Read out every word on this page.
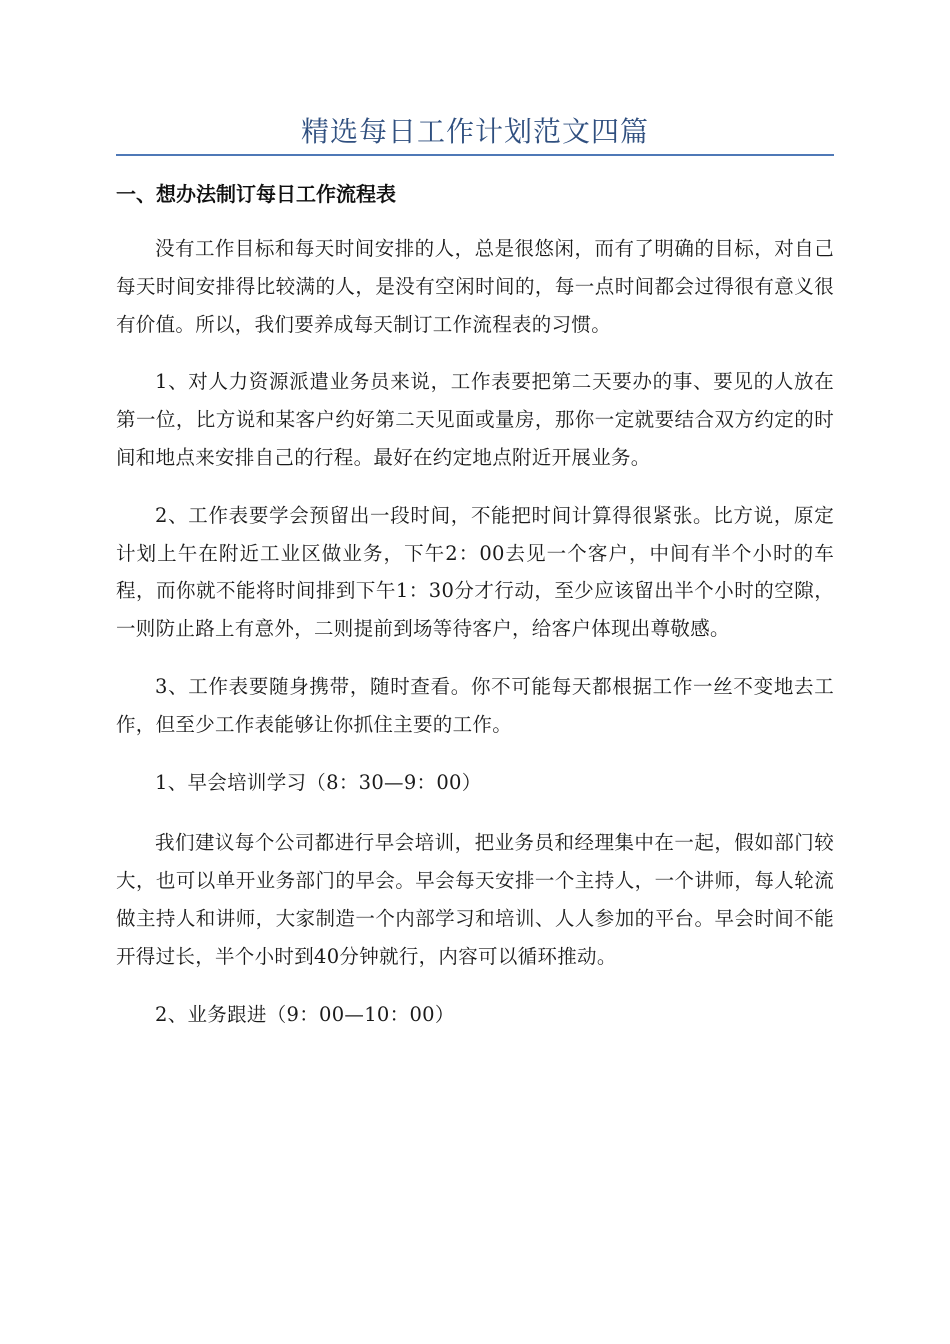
精选每日工作计划范文四篇
一、想办法制订每日工作流程表

没有工作目标和每天时间安排的人，总是很悠闲，而有了明确的目标，对自己每天时间安排得比较满的人，是没有空闲时间的，每一点时间都会过得很有意义很有价值。所以，我们要养成每天制订工作流程表的习惯。

1、对人力资源派遣业务员来说，工作表要把第二天要办的事、要见的人放在第一位，比方说和某客户约好第二天见面或量房，那你一定就要结合双方约定的时间和地点来安排自己的行程。最好在约定地点附近开展业务。

2、工作表要学会预留出一段时间，不能把时间计算得很紧张。比方说，原定计划上午在附近工业区做业务，下午2：00去见一个客户，中间有半个小时的车程，而你就不能将时间排到下午1：30分才行动，至少应该留出半个小时的空隙，一则防止路上有意外，二则提前到场等待客户，给客户体现出尊敬感。

3、工作表要随身携带，随时查看。你不可能每天都根据工作一丝不变地去工作，但至少工作表能够让你抓住主要的工作。

1、早会培训学习（8：30—9：00）

我们建议每个公司都进行早会培训，把业务员和经理集中在一起，假如部门较大，也可以单开业务部门的早会。早会每天安排一个主持人，一个讲师，每人轮流做主持人和讲师，大家制造一个内部学习和培训、人人参加的平台。早会时间不能开得过长，半个小时到40分钟就行，内容可以循环推动。

2、业务跟进（9：00—10：00）
